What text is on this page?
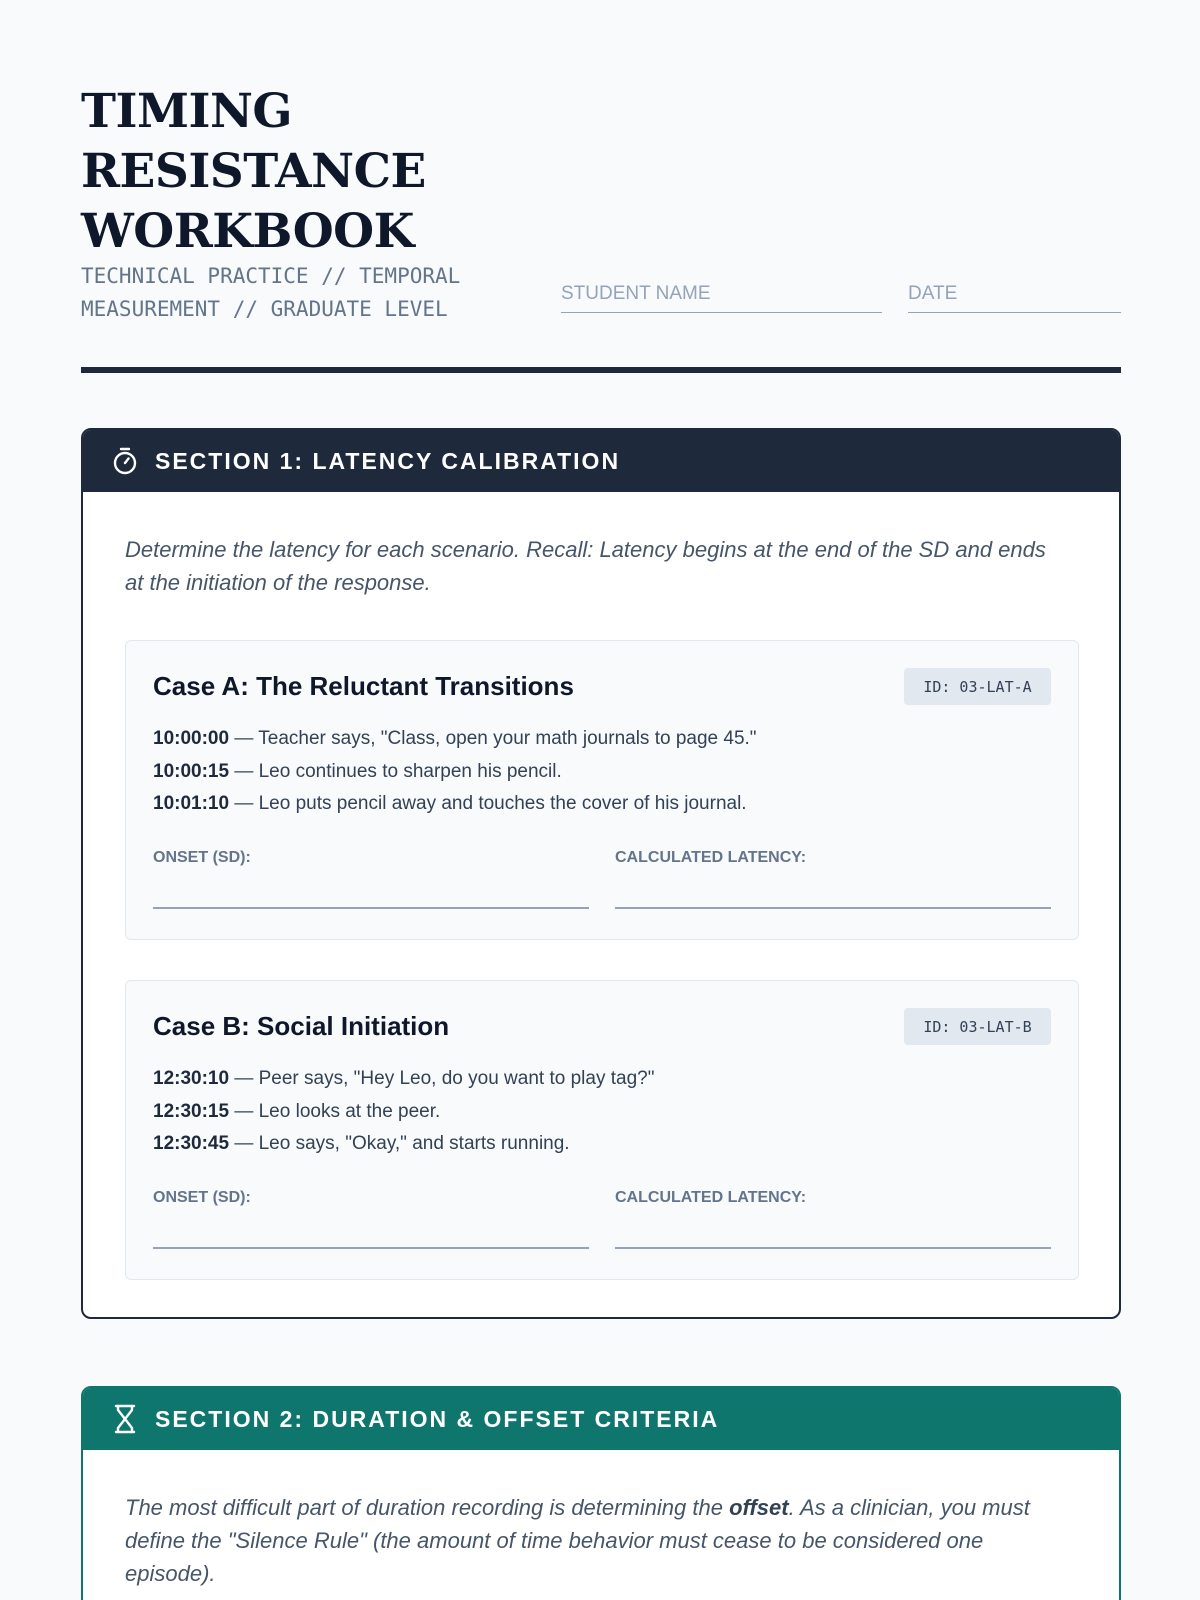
TIMING
RESISTANCE
WORKBOOK
TECHNICAL PRACTICE // TEMPORAL
MEASUREMENT // GRADUATE LEVEL
STUDENT NAME	DATE
SECTION 1: LATENCY CALIBRATION
Determine the latency for each scenario. Recall: Latency begins at the end of the SD and ends at the initiation of the response.
Case A: The Reluctant Transitions	ID: 03-LAT-A
10:00:00 — Teacher says, "Class, open your math journals to page 45."
10:00:15 — Leo continues to sharpen his pencil.
10:01:10 — Leo puts pencil away and touches the cover of his journal.
ONSET (SD):	CALCULATED LATENCY:
Case B: Social Initiation	ID: 03-LAT-B
12:30:10 — Peer says, "Hey Leo, do you want to play tag?"
12:30:15 — Leo looks at the peer.
12:30:45 — Leo says, "Okay," and starts running.
ONSET (SD):	CALCULATED LATENCY:
SECTION 2: DURATION & OFFSET CRITERIA
The most difficult part of duration recording is determining the offset. As a clinician, you must define the "Silence Rule" (the amount of time behavior must cease to be considered one episode).
